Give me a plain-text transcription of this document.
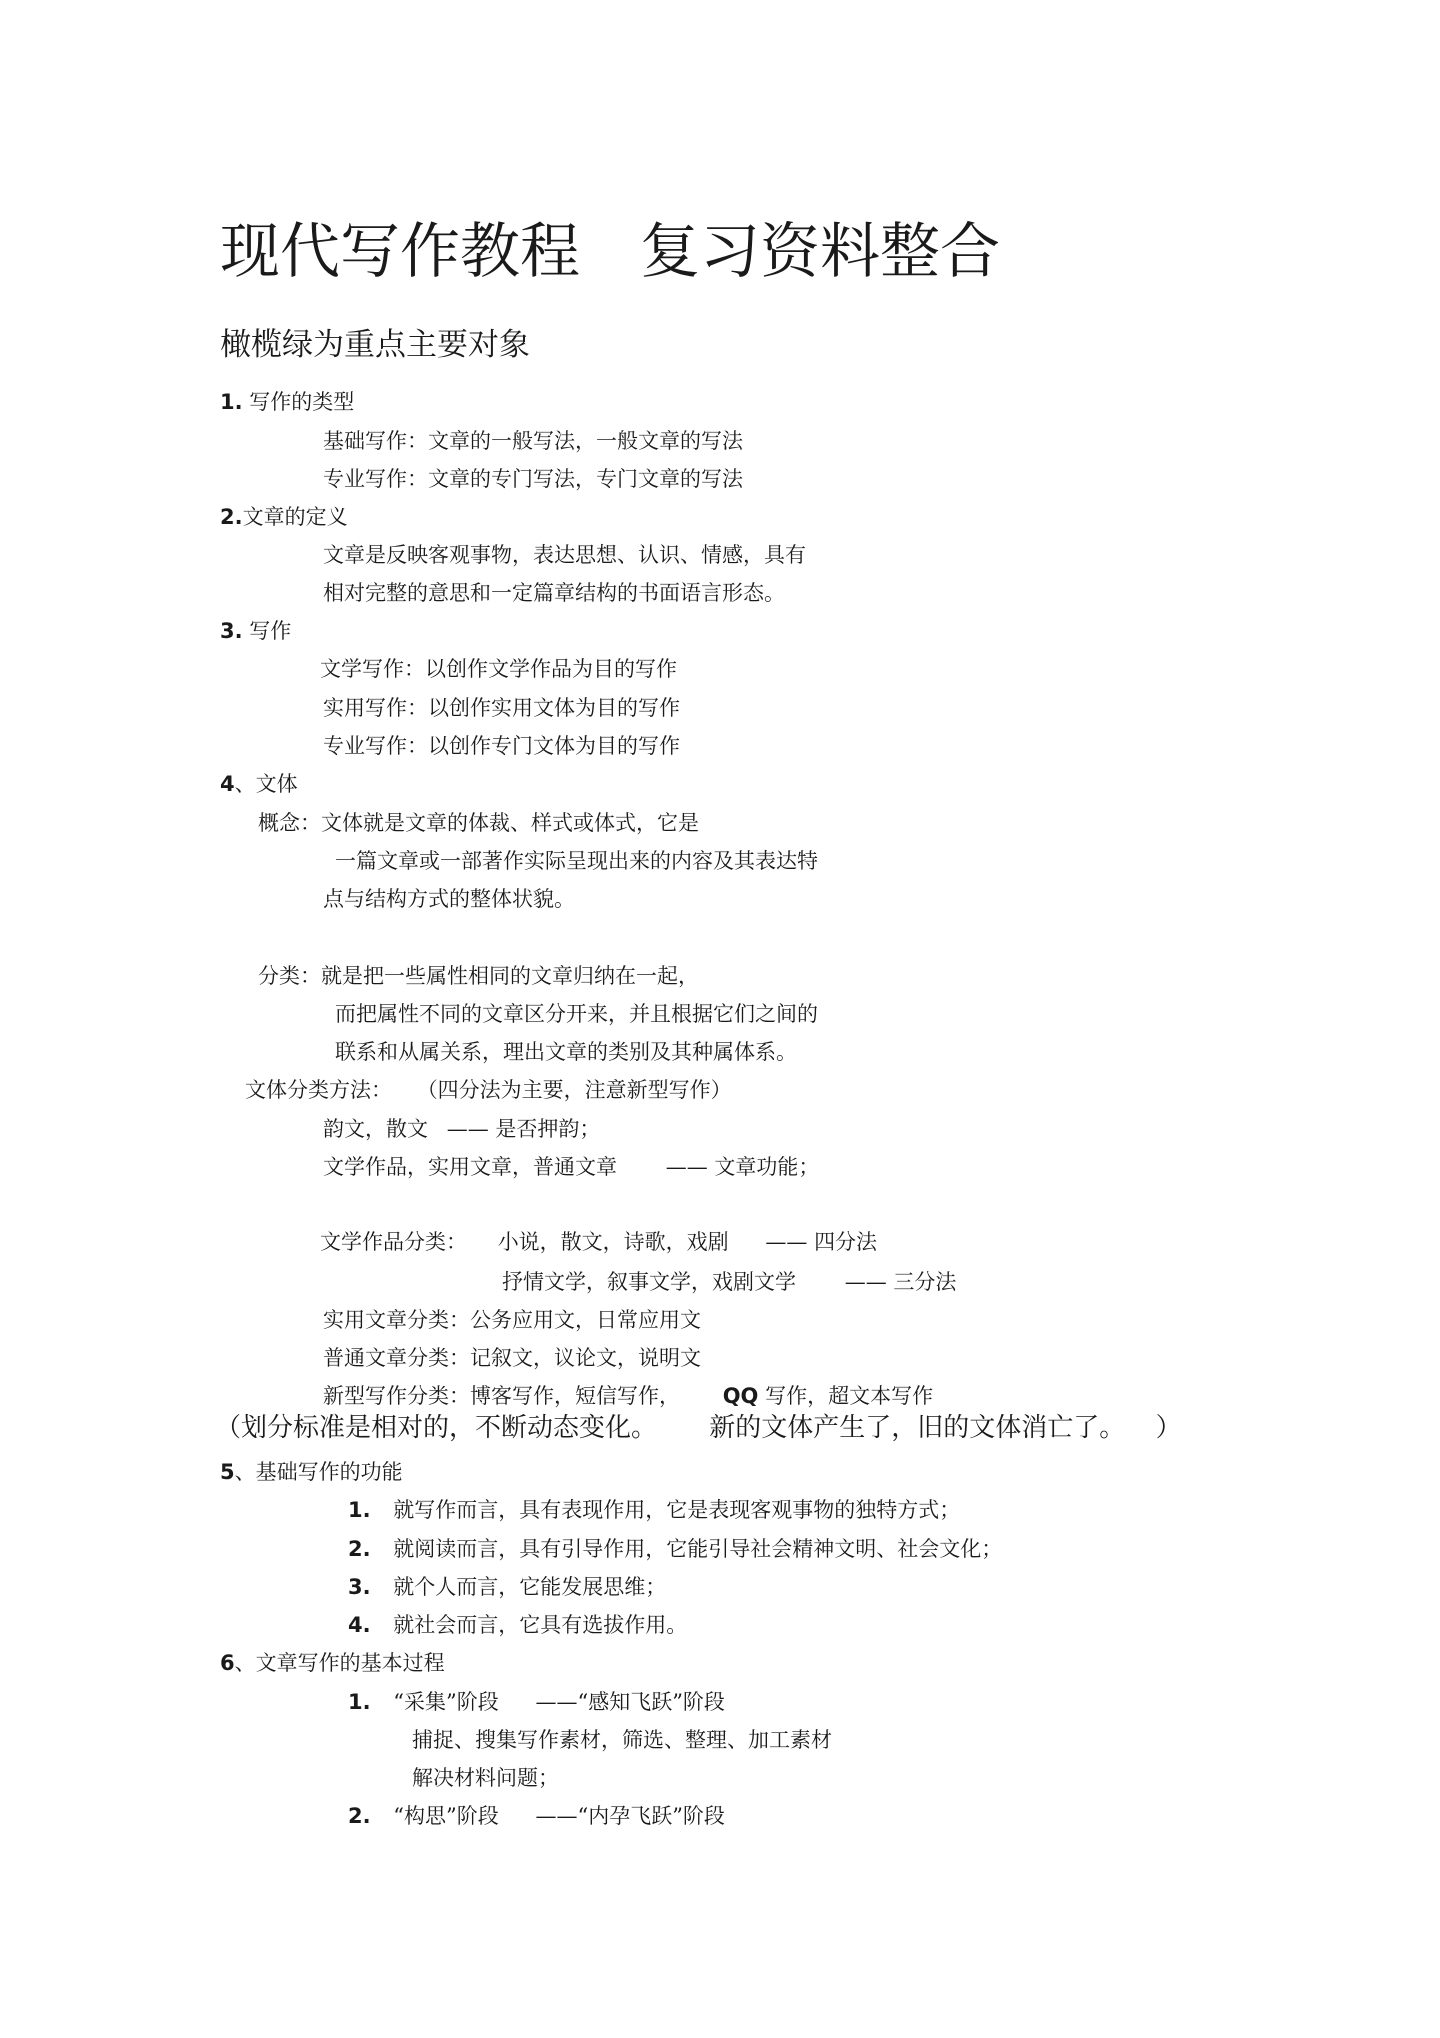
现代写作教程 复习资料整合
橄榄绿为重点主要对象
1. 写作的类型
基础写作：文章的一般写法，一般文章的写法
专业写作：文章的专门写法，专门文章的写法
2.文章的定义
文章是反映客观事物，表达思想、认识、情感，具有
相对完整的意思和一定篇章结构的书面语言形态。
3. 写作
文学写作：以创作文学作品为目的写作
实用写作：以创作实用文体为目的写作
专业写作：以创作专门文体为目的写作
4、文体
概念：文体就是文章的体裁、样式或体式，它是
一篇文章或一部著作实际呈现出来的内容及其表达特
点与结构方式的整体状貌。
分类：就是把一些属性相同的文章归纳在一起，
而把属性不同的文章区分开来，并且根据它们之间的
联系和从属关系，理出文章的类别及其种属体系。
文体分类方法： （四分法为主要，注意新型写作）
韵文，散文 —— 是否押韵；
文学作品，实用文章，普通文章 —— 文章功能；
文学作品分类： 小说，散文，诗歌，戏剧 —— 四分法
抒情文学，叙事文学，戏剧文学 —— 三分法
实用文章分类：公务应用文，日常应用文
普通文章分类：记叙文，议论文，说明文
新型写作分类：博客写作，短信写作， QQ 写作，超文本写作
（划分标准是相对的，不断动态变化。 新的文体产生了，旧的文体消亡了。 ）
5、基础写作的功能
1. 就写作而言，具有表现作用，它是表现客观事物的独特方式；
2. 就阅读而言，具有引导作用，它能引导社会精神文明、社会文化；
3. 就个人而言，它能发展思维；
4. 就社会而言，它具有选拔作用。
6、文章写作的基本过程
1. “采集”阶段 ——“感知飞跃”阶段
捕捉、搜集写作素材，筛选、整理、加工素材
解决材料问题；
2. “构思”阶段 ——“内孕飞跃”阶段
